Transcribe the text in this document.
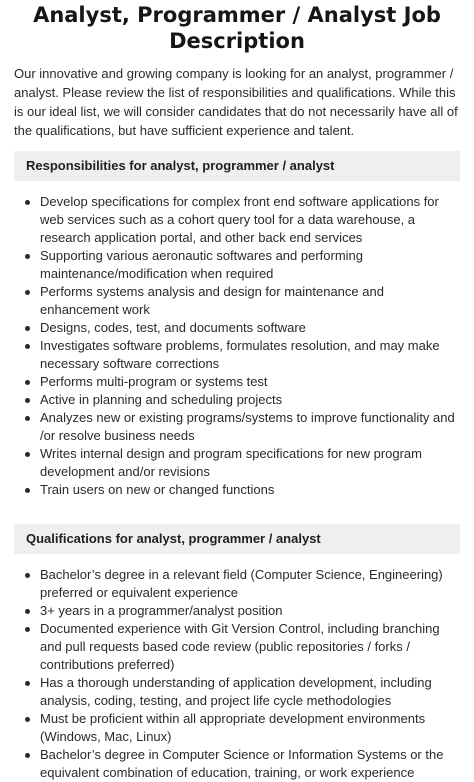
Analyst, Programmer / Analyst Job Description

Our innovative and growing company is looking for an analyst, programmer / analyst. Please review the list of responsibilities and qualifications. While this is our ideal list, we will consider candidates that do not necessarily have all of the qualifications, but have sufficient experience and talent.

Responsibilities for analyst, programmer / analyst
Develop specifications for complex front end software applications for web services such as a cohort query tool for a data warehouse, a research application portal, and other back end services
Supporting various aeronautic softwares and performing maintenance/modification when required
Performs systems analysis and design for maintenance and enhancement work
Designs, codes, test, and documents software
Investigates software problems, formulates resolution, and may make necessary software corrections
Performs multi-program or systems test
Active in planning and scheduling projects
Analyzes new or existing programs/systems to improve functionality and /or resolve business needs
Writes internal design and program specifications for new program development and/or revisions
Train users on new or changed functions
Qualifications for analyst, programmer / analyst
Bachelor’s degree in a relevant field (Computer Science, Engineering) preferred or equivalent experience
3+ years in a programmer/analyst position
Documented experience with Git Version Control, including branching and pull requests based code review (public repositories / forks / contributions preferred)
Has a thorough understanding of application development, including analysis, coding, testing, and project life cycle methodologies
Must be proficient within all appropriate development environments (Windows, Mac, Linux)
Bachelor’s degree in Computer Science or Information Systems or the equivalent combination of education, training, or work experience
